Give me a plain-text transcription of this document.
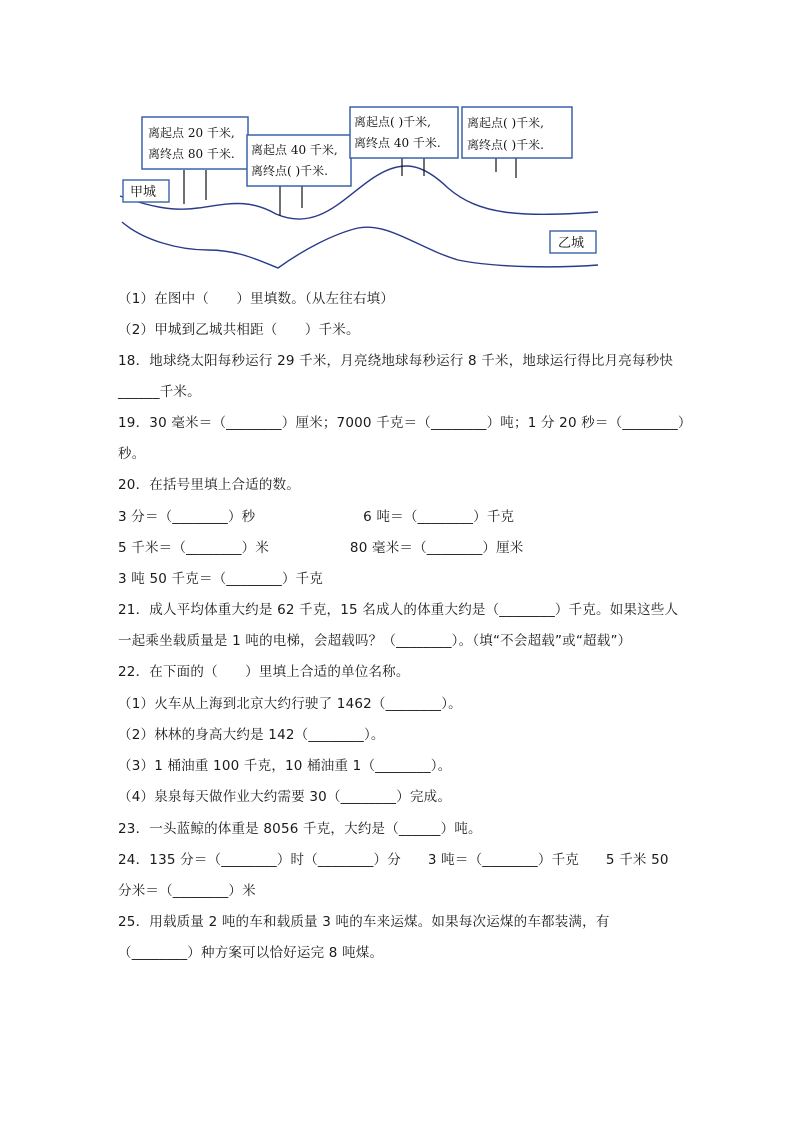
离起点 20 千米,
离终点 80 千米. 离起点 40 千米,
离终点( )千米.
离起点( )千米,
离终点 40 千米.
离起点( )千米,
离终点( )千米.
甲城
乙城
（1）在图中（　　）里填数。（从左往右填）
（2）甲城到乙城共相距（　　）千米。
18．地球绕太阳每秒运行 29 千米，月亮绕地球每秒运行 8 千米，地球运行得比月亮每秒快
______千米。
19．30 毫米＝（________）厘米；7000 千克＝（________）吨；1 分 20 秒＝（________）
秒。
20．在括号里填上合适的数。
3 分＝（________）秒                        6 吨＝（________）千克
5 千米＝（________）米                  80 毫米＝（________）厘米
3 吨 50 千克＝（________）千克
21．成人平均体重大约是 62 千克，15 名成人的体重大约是（________）千克。如果这些人
一起乘坐载质量是 1 吨的电梯，会超载吗？（________）。（填“不会超载”或“超载”）
22．在下面的（　　）里填上合适的单位名称。
（1）火车从上海到北京大约行驶了 1462（________）。
（2）林林的身高大约是 142（________）。
（3）1 桶油重 100 千克，10 桶油重 1（________）。
（4）泉泉每天做作业大约需要 30（________）完成。
23．一头蓝鲸的体重是 8056 千克，大约是（______）吨。
24．135 分＝（________）时（________）分      3 吨＝（________）千克      5 千米 50
分米＝（________）米
25．用载质量 2 吨的车和载质量 3 吨的车来运煤。如果每次运煤的车都装满，有
（________）种方案可以恰好运完 8 吨煤。
